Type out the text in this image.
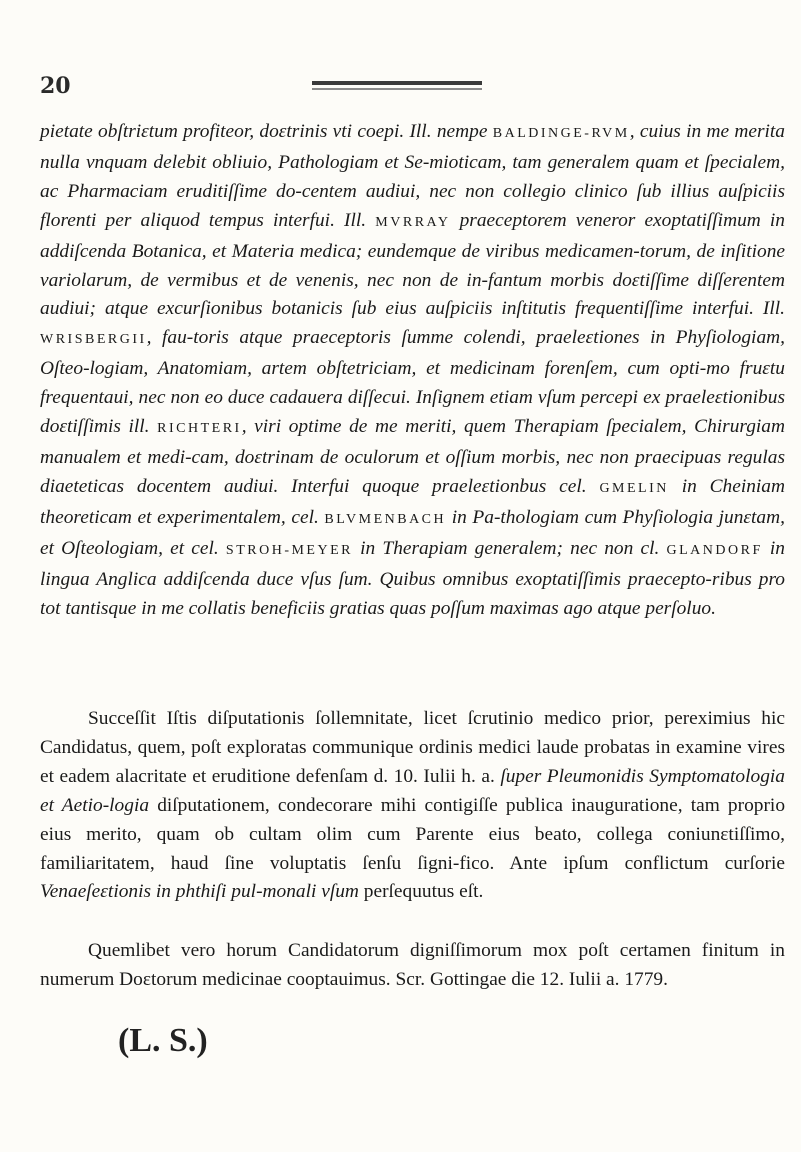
20

pietate obſtriɛtum profiteor, doɛtrinis vti coepi. Ill. nempe BALDINGE-RVM, cuius in me merita nulla vnquam delebit obliuio, Pathologiam et Se-mioticam, tam generalem quam et ſpecialem, ac Pharmaciam eruditiſſime do-centem audiui, nec non collegio clinico ſub illius auſpiciis florenti per aliquod tempus interfui. Ill. MVRRAY praeceptorem veneror exoptatiſſimum in addiſcenda Botanica, et Materia medica; eundemque de viribus medicamen-torum, de inſitione variolarum, de vermibus et de venenis, nec non de in-fantum morbis doɛtiſſime diſſerentem audiui; atque excurſionibus botanicis ſub eius auſpiciis inſtitutis frequentiſſime interfui. Ill. WRISBERGII, fau-toris atque praeceptoris ſumme colendi, praeleɛtiones in Phyſiologiam, Oſteo-logiam, Anatomiam, artem obſtetriciam, et medicinam forenſem, cum opti-mo fruɛtu frequentaui, nec non eo duce cadauera diſſecui. Inſignem etiam vſum percepi ex praeleɛtionibus doɛtiſſimis ill. RICHTERI, viri optime de me meriti, quem Therapiam ſpecialem, Chirurgiam manualem et medi-cam, doɛtrinam de oculorum et oſſium morbis, nec non praecipuas regulas diaeteticas docentem audiui. Interfui quoque praeleɛtionbus cel. GMELIN in Cheiniam theoreticam et experimentalem, cel. BLVMENBACH in Pa-thologiam cum Phyſiologia junɛtam, et Oſteologiam, et cel. STROH-MEYER in Therapiam generalem; nec non cl. GLANDORF in lingua Anglica addiſcenda duce vſus ſum. Quibus omnibus exoptatiſſimis praecepto-ribus pro tot tantisque in me collatis beneficiis gratias quas poſſum maximas ago atque perſoluo.

Succeſſit Iſtis diſputationis ſollemnitate, licet ſcrutinio medico prior, pereximius hic Candidatus, quem, poſt exploratas communique ordinis medici laude probatas in examine vires et eadem alacritate et eruditione defenſam d. 10. Iulii h. a. ſuper Pleumonidis Symptomatologia et Aetio-logia diſputationem, condecorare mihi contigiſſe publica inauguratione, tam proprio eius merito, quam ob cultam olim cum Parente eius beato, collega coniunɛtiſſimo, familiaritatem, haud ſine voluptatis ſenſu ſigni-fico. Ante ipſum conflictum curſorie Venaeſeɛtionis in phthiſi pul-monali vſum perſequutus eſt.

Quemlibet vero horum Candidatorum digniſſimorum mox poſt certamen finitum in numerum Doɛtorum medicinae cooptauimus. Scr. Gottingae die 12. Iulii a. 1779.

(L. S.)
